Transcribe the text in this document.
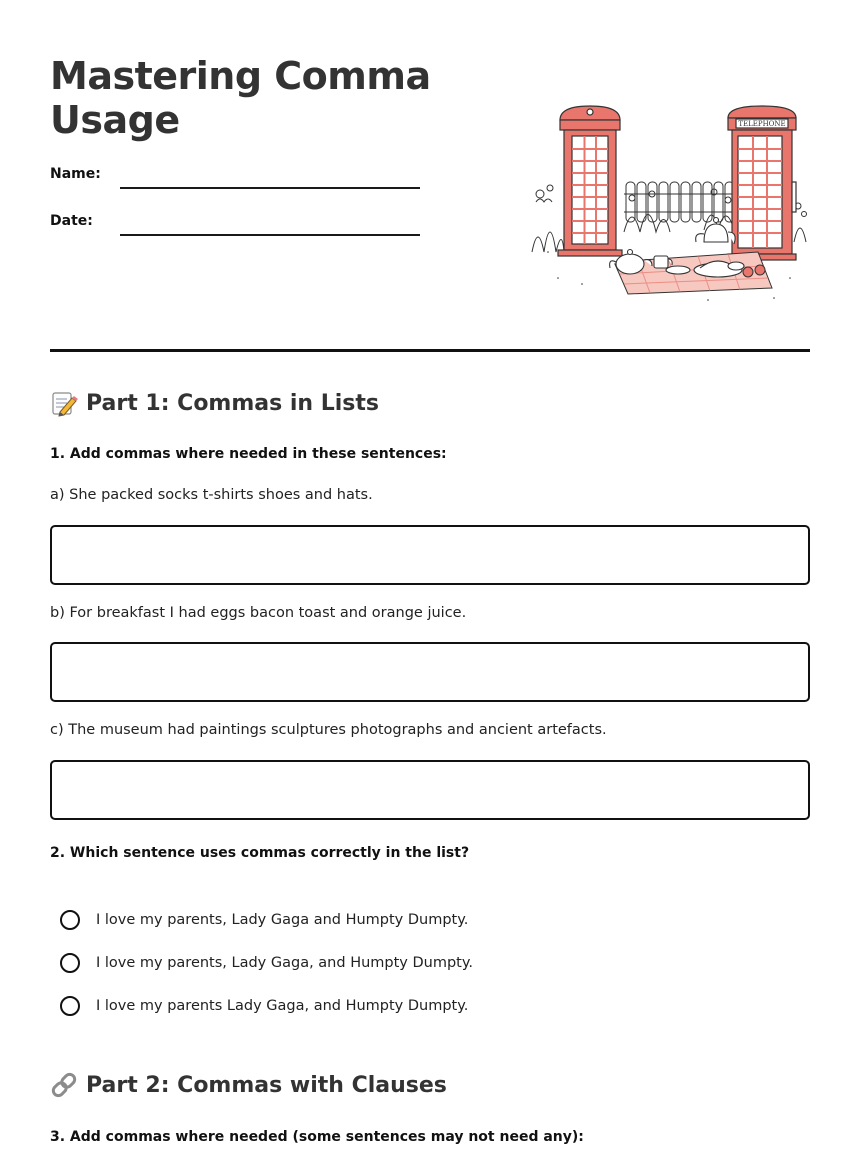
Mastering Comma Usage
Name:
Date:
TELEPHONE
Part 1: Commas in Lists
1. Add commas where needed in these sentences:
a) She packed socks t-shirts shoes and hats.
b) For breakfast I had eggs bacon toast and orange juice.
c) The museum had paintings sculptures photographs and ancient artefacts.
2. Which sentence uses commas correctly in the list?
I love my parents, Lady Gaga and Humpty Dumpty.
I love my parents, Lady Gaga, and Humpty Dumpty.
I love my parents Lady Gaga, and Humpty Dumpty.
Part 2: Commas with Clauses
3. Add commas where needed (some sentences may not need any):
